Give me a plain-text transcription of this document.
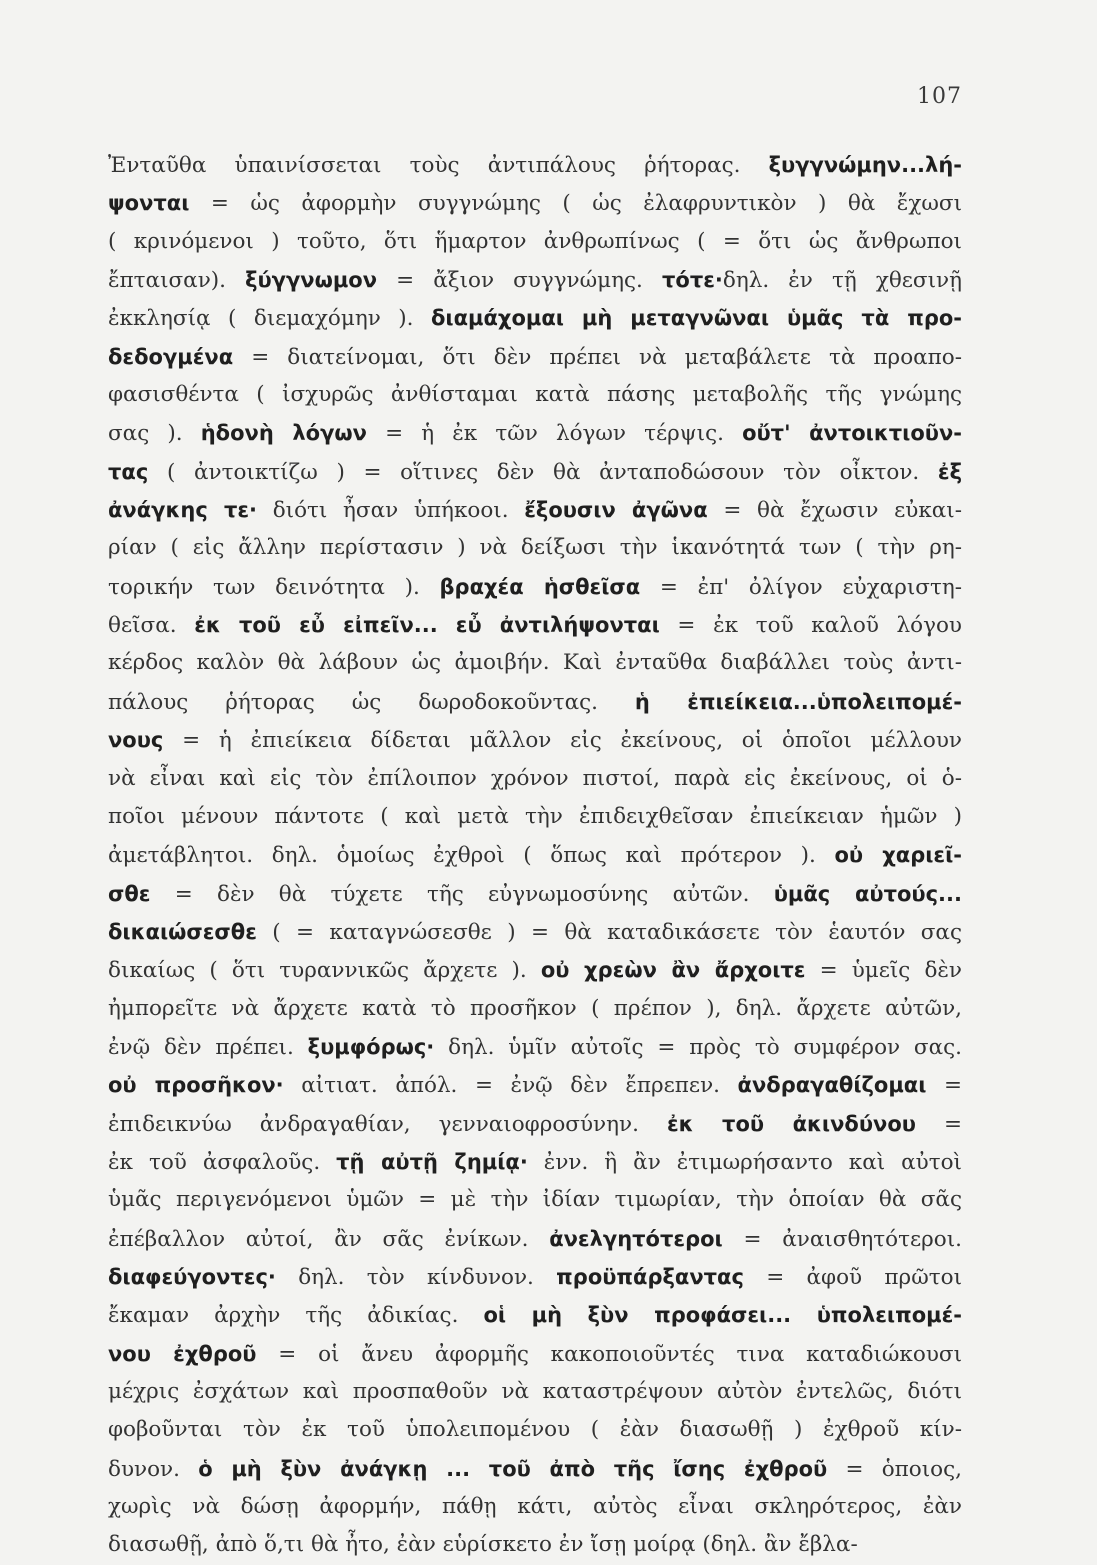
107
Ἐνταῦθα ὑπαινίσσεται τοὺς ἀντιπάλους ῥήτορας. ξυγγνώμην...λή-
ψονται = ὡς ἀφορμὴν συγγνώμης ( ὡς ἐλαφρυντικὸν ) θὰ ἔχωσι
( κρινόμενοι ) τοῦτο, ὅτι ἥμαρτον ἀνθρωπίνως ( = ὅτι ὡς ἄνθρωποι
ἔπταισαν). ξύγγνωμον = ἄξιον συγγνώμης. τότε·δηλ. ἐν τῇ χθεσινῇ
ἐκκλησίᾳ ( διεμαχόμην ). διαμάχομαι μὴ μεταγνῶναι ὑμᾶς τὰ προ-
δεδογμένα = διατείνομαι, ὅτι δὲν πρέπει νὰ μεταβάλετε τὰ προαπο-
φασισθέντα ( ἰσχυρῶς ἀνθίσταμαι κατὰ πάσης μεταβολῆς τῆς γνώμης
σας ). ἡδονὴ λόγων = ἡ ἐκ τῶν λόγων τέρψις. οὔτ' ἀντοικτιοῦν-
τας ( ἀντοικτίζω ) = οἵτινες δὲν θὰ ἀνταποδώσουν τὸν οἶκτον. ἐξ
ἀνάγκης τε· διότι ἦσαν ὑπήκοοι. ἔξουσιν ἀγῶνα = θὰ ἔχωσιν εὐκαι-
ρίαν ( εἰς ἄλλην περίστασιν ) νὰ δείξωσι τὴν ἱκανότητά των ( τὴν ρη-
τορικήν των δεινότητα ). βραχέα ἡσθεῖσα = ἐπ' ὀλίγον εὐχαριστη-
θεῖσα. ἐκ τοῦ εὖ εἰπεῖν... εὖ ἀντιλήψονται = ἐκ τοῦ καλοῦ λόγου
κέρδος καλὸν θὰ λάβουν ὡς ἀμοιβήν. Καὶ ἐνταῦθα διαβάλλει τοὺς ἀντι-
πάλους ῥήτορας ὡς δωροδοκοῦντας. ἡ ἐπιείκεια...ὑπολειπομέ-
νους = ἡ ἐπιείκεια δίδεται μᾶλλον εἰς ἐκείνους, οἱ ὁποῖοι μέλλουν
νὰ εἶναι καὶ εἰς τὸν ἐπίλοιπον χρόνον πιστοί, παρὰ εἰς ἐκείνους, οἱ ὁ-
ποῖοι μένουν πάντοτε ( καὶ μετὰ τὴν ἐπιδειχθεῖσαν ἐπιείκειαν ἡμῶν )
ἀμετάβλητοι. δηλ. ὁμοίως ἐχθροὶ ( ὅπως καὶ πρότερον ). οὐ χαριεῖ-
σθε = δὲν θὰ τύχετε τῆς εὐγνωμοσύνης αὐτῶν. ὑμᾶς αὐτούς...
δικαιώσεσθε ( = καταγνώσεσθε ) = θὰ καταδικάσετε τὸν ἑαυτόν σας
δικαίως ( ὅτι τυραννικῶς ἄρχετε ). οὐ χρεὼν ἂν ἄρχοιτε = ὑμεῖς δὲν
ἠμπορεῖτε νὰ ἄρχετε κατὰ τὸ προσῆκον ( πρέπον ), δηλ. ἄρχετε αὐτῶν,
ἐνῷ δὲν πρέπει. ξυμφόρως· δηλ. ὑμῖν αὐτοῖς = πρὸς τὸ συμφέρον σας.
οὐ προσῆκον· αἰτιατ. ἀπόλ. = ἐνῷ δὲν ἔπρεπεν. ἀνδραγαθίζομαι =
ἐπιδεικνύω ἀνδραγαθίαν, γενναιοφροσύνην. ἐκ τοῦ ἀκινδύνου =
ἐκ τοῦ ἀσφαλοῦς. τῇ αὐτῇ ζημίᾳ· ἐνν. ἣ ἂν ἐτιμωρήσαντο καὶ αὐτοὶ
ὑμᾶς περιγενόμενοι ὑμῶν = μὲ τὴν ἰδίαν τιμωρίαν, τὴν ὁποίαν θὰ σᾶς
ἐπέβαλλον αὐτοί, ἂν σᾶς ἐνίκων. ἀνελγητότεροι = ἀναισθητότεροι.
διαφεύγοντες· δηλ. τὸν κίνδυνον. προϋπάρξαντας = ἀφοῦ πρῶτοι
ἔκαμαν ἀρχὴν τῆς ἀδικίας. οἱ μὴ ξὺν προφάσει... ὑπολειπομέ-
νου ἐχθροῦ = οἱ ἄνευ ἀφορμῆς κακοποιοῦντές τινα καταδιώκουσι
μέχρις ἐσχάτων καὶ προσπαθοῦν νὰ καταστρέψουν αὐτὸν ἐντελῶς, διότι
φοβοῦνται τὸν ἐκ τοῦ ὑπολειπομένου ( ἐὰν διασωθῇ ) ἐχθροῦ κίν-
δυνον. ὁ μὴ ξὺν ἀνάγκῃ ... τοῦ ἀπὸ τῆς ἴσης ἐχθροῦ = ὁποιος,
χωρὶς νὰ δώσῃ ἀφορμήν, πάθῃ κάτι, αὐτὸς εἶναι σκληρότερος, ἐὰν
διασωθῇ, ἀπὸ ὅ,τι θὰ ἦτο, ἐὰν εὑρίσκετο ἐν ἴσῃ μοίρᾳ (δηλ. ἂν ἔβλα-
